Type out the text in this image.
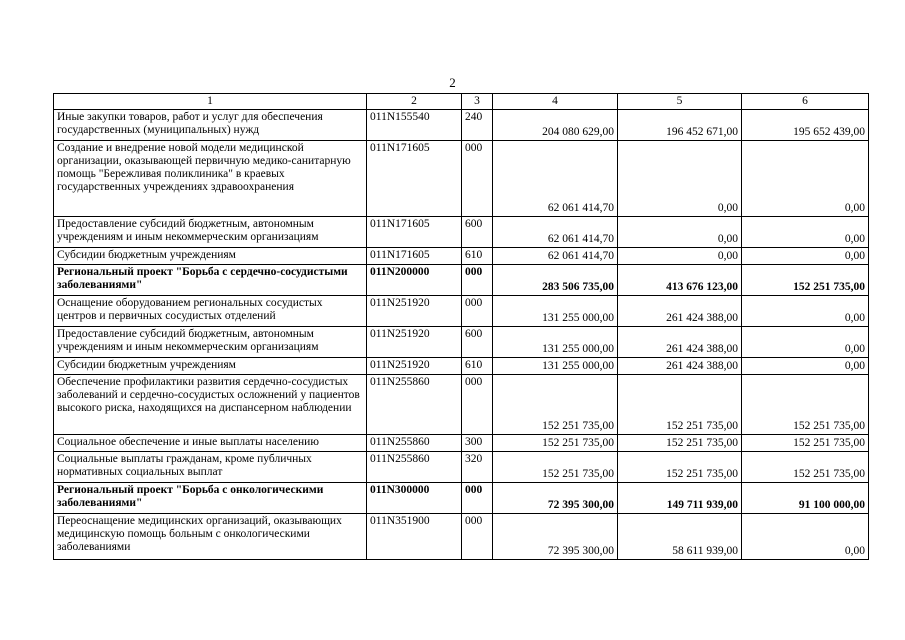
2
1	2	3	4	5	6
Иные закупки товаров, работ и услуг для обеспечения государственных (муниципальных) нужд	011N155540	240	204 080 629,00	196 452 671,00	195 652 439,00
Создание и внедрение новой модели медицинской организации, оказывающей первичную медико-санитарную помощь "Бережливая поликлиника" в краевых государственных учреждениях здравоохранения	011N171605	000	62 061 414,70	0,00	0,00
Предоставление субсидий бюджетным, автономным учреждениям и иным некоммерческим организациям	011N171605	600	62 061 414,70	0,00	0,00
Субсидии бюджетным учреждениям	011N171605	610	62 061 414,70	0,00	0,00
Региональный проект "Борьба с сердечно-сосудистыми заболеваниями"	011N200000	000	283 506 735,00	413 676 123,00	152 251 735,00
Оснащение оборудованием региональных сосудистых центров и первичных сосудистых отделений	011N251920	000	131 255 000,00	261 424 388,00	0,00
Предоставление субсидий бюджетным, автономным учреждениям и иным некоммерческим организациям	011N251920	600	131 255 000,00	261 424 388,00	0,00
Субсидии бюджетным учреждениям	011N251920	610	131 255 000,00	261 424 388,00	0,00
Обеспечение профилактики развития сердечно-сосудистых заболеваний и сердечно-сосудистых осложнений у пациентов высокого риска, находящихся на диспансерном наблюдении	011N255860	000	152 251 735,00	152 251 735,00	152 251 735,00
Социальное обеспечение и иные выплаты населению	011N255860	300	152 251 735,00	152 251 735,00	152 251 735,00
Социальные выплаты гражданам, кроме публичных нормативных социальных выплат	011N255860	320	152 251 735,00	152 251 735,00	152 251 735,00
Региональный проект "Борьба с онкологическими заболеваниями"	011N300000	000	72 395 300,00	149 711 939,00	91 100 000,00
Переоснащение медицинских организаций, оказывающих медицинскую помощь больным с онкологическими заболеваниями	011N351900	000	72 395 300,00	58 611 939,00	0,00
